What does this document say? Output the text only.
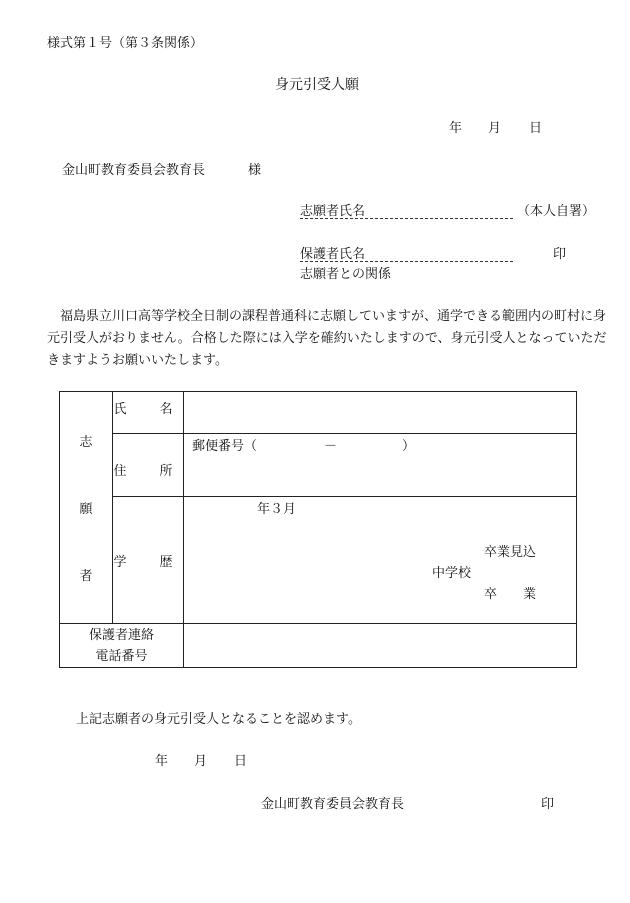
様式第１号（第３条関係）
身元引受人願
年 月 日
金山町教育委員会教育長	様
志願者氏名	（本人自署）
保護者氏名	印
志願者との関係
福島県立川口高等学校全日制の課程普通科に志願していますが、通学できる範囲内の町村に身元引受人がおりません。合格した際には入学を確約いたしますので、身元引受人となっていただきますようお願いいたします。
志
願
者	氏　名	
	住　所	郵便番号（ － ）

	学　歴	年３月
卒業見込
中学校
卒　　業

保護者連絡
電話番号		

上記志願者の身元引受人となることを認めます。
年 月 日
金山町教育委員会教育長	印
